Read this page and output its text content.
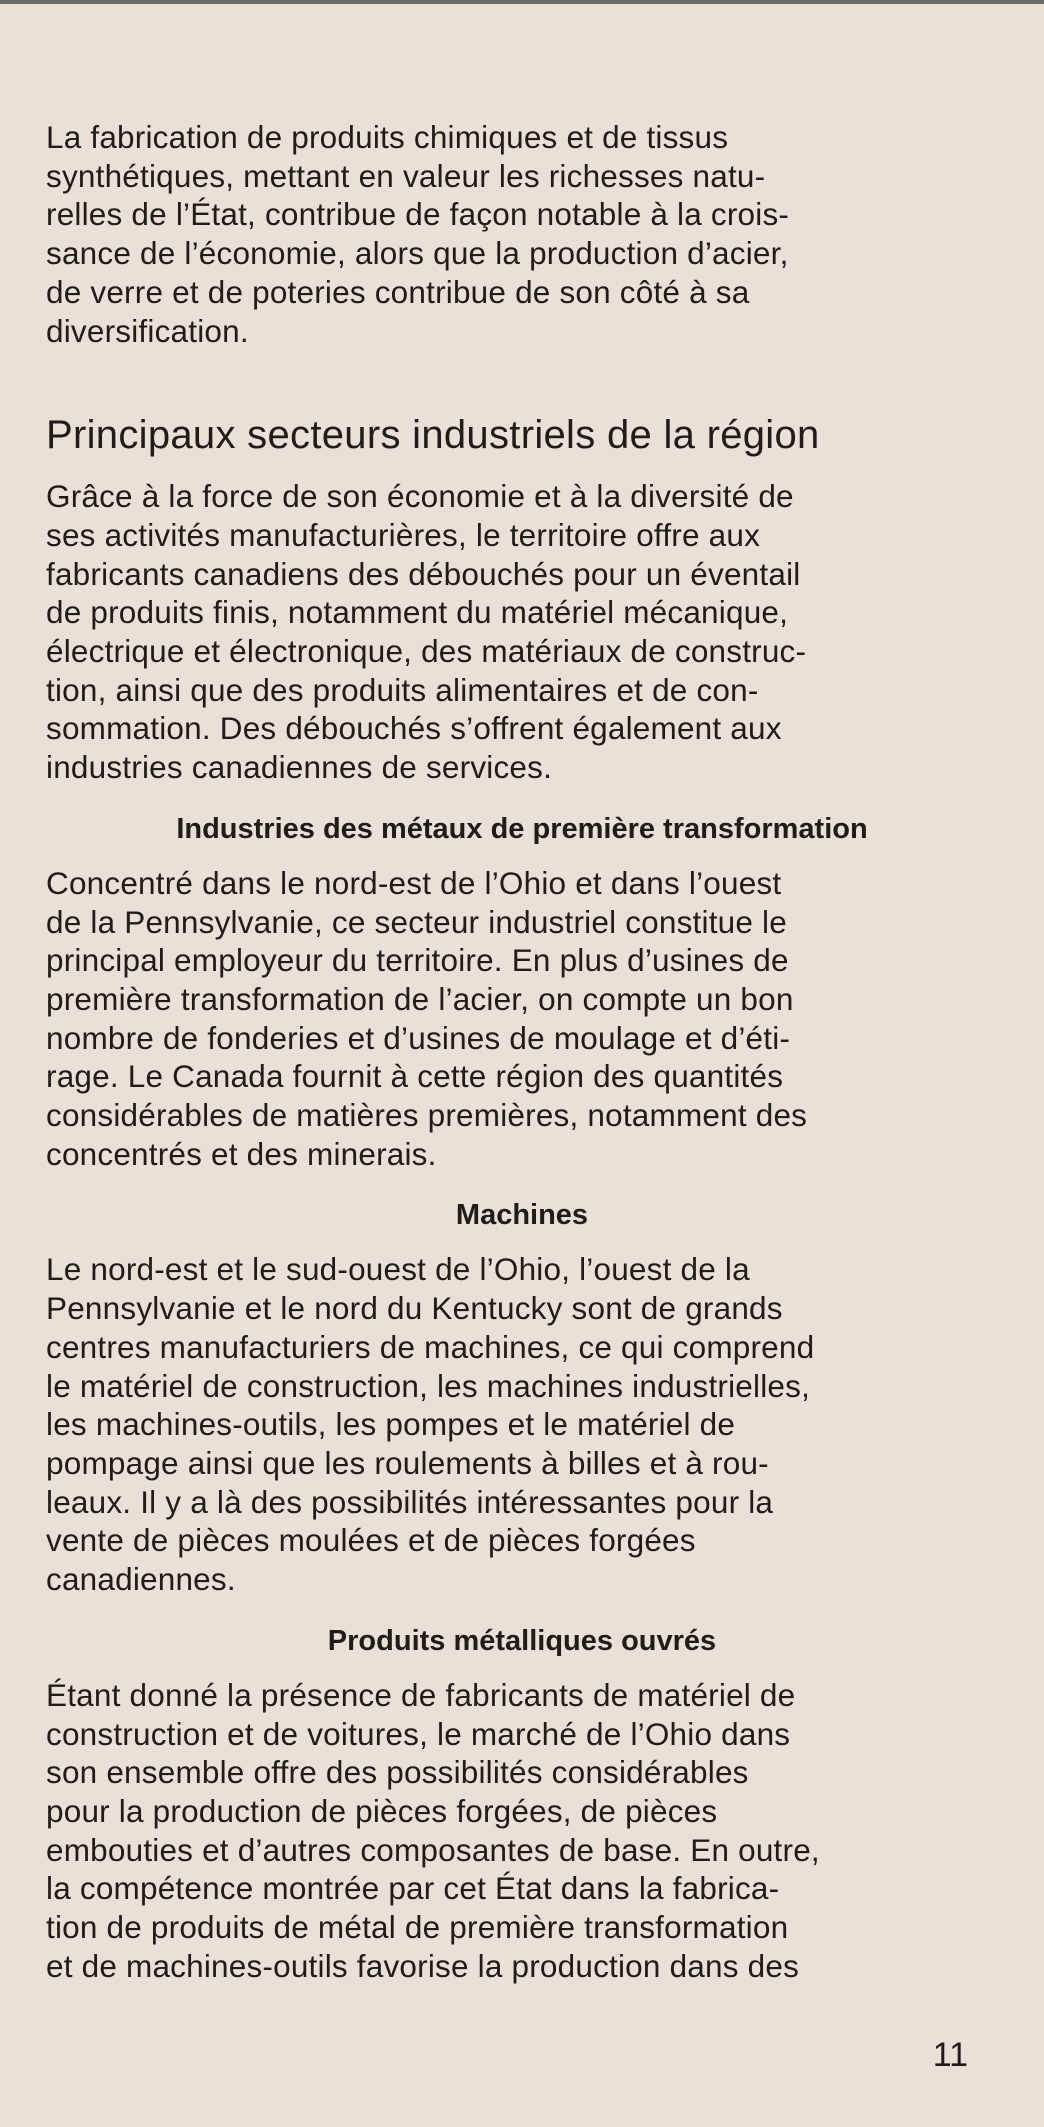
La fabrication de produits chimiques et de tissus
synthétiques, mettant en valeur les richesses natu-
relles de l’État, contribue de façon notable à la crois-
sance de l’économie, alors que la production d’acier,
de verre et de poteries contribue de son côté à sa
diversification.

Principaux secteurs industriels de la région

Grâce à la force de son économie et à la diversité de
ses activités manufacturières, le territoire offre aux
fabricants canadiens des débouchés pour un éventail
de produits finis, notamment du matériel mécanique,
électrique et électronique, des matériaux de construc-
tion, ainsi que des produits alimentaires et de con-
sommation. Des débouchés s’offrent également aux
industries canadiennes de services.

Industries des métaux de première transformation

Concentré dans le nord-est de l’Ohio et dans l’ouest
de la Pennsylvanie, ce secteur industriel constitue le
principal employeur du territoire. En plus d’usines de
première transformation de l’acier, on compte un bon
nombre de fonderies et d’usines de moulage et d’éti-
rage. Le Canada fournit à cette région des quantités
considérables de matières premières, notamment des
concentrés et des minerais.

Machines

Le nord-est et le sud-ouest de l’Ohio, l’ouest de la
Pennsylvanie et le nord du Kentucky sont de grands
centres manufacturiers de machines, ce qui comprend
le matériel de construction, les machines industrielles,
les machines-outils, les pompes et le matériel de
pompage ainsi que les roulements à billes et à rou-
leaux. Il y a là des possibilités intéressantes pour la
vente de pièces moulées et de pièces forgées
canadiennes.

Produits métalliques ouvrés

Étant donné la présence de fabricants de matériel de
construction et de voitures, le marché de l’Ohio dans
son ensemble offre des possibilités considérables
pour la production de pièces forgées, de pièces
embouties et d’autres composantes de base. En outre,
la compétence montrée par cet État dans la fabrica-
tion de produits de métal de première transformation
et de machines-outils favorise la production dans des

11
